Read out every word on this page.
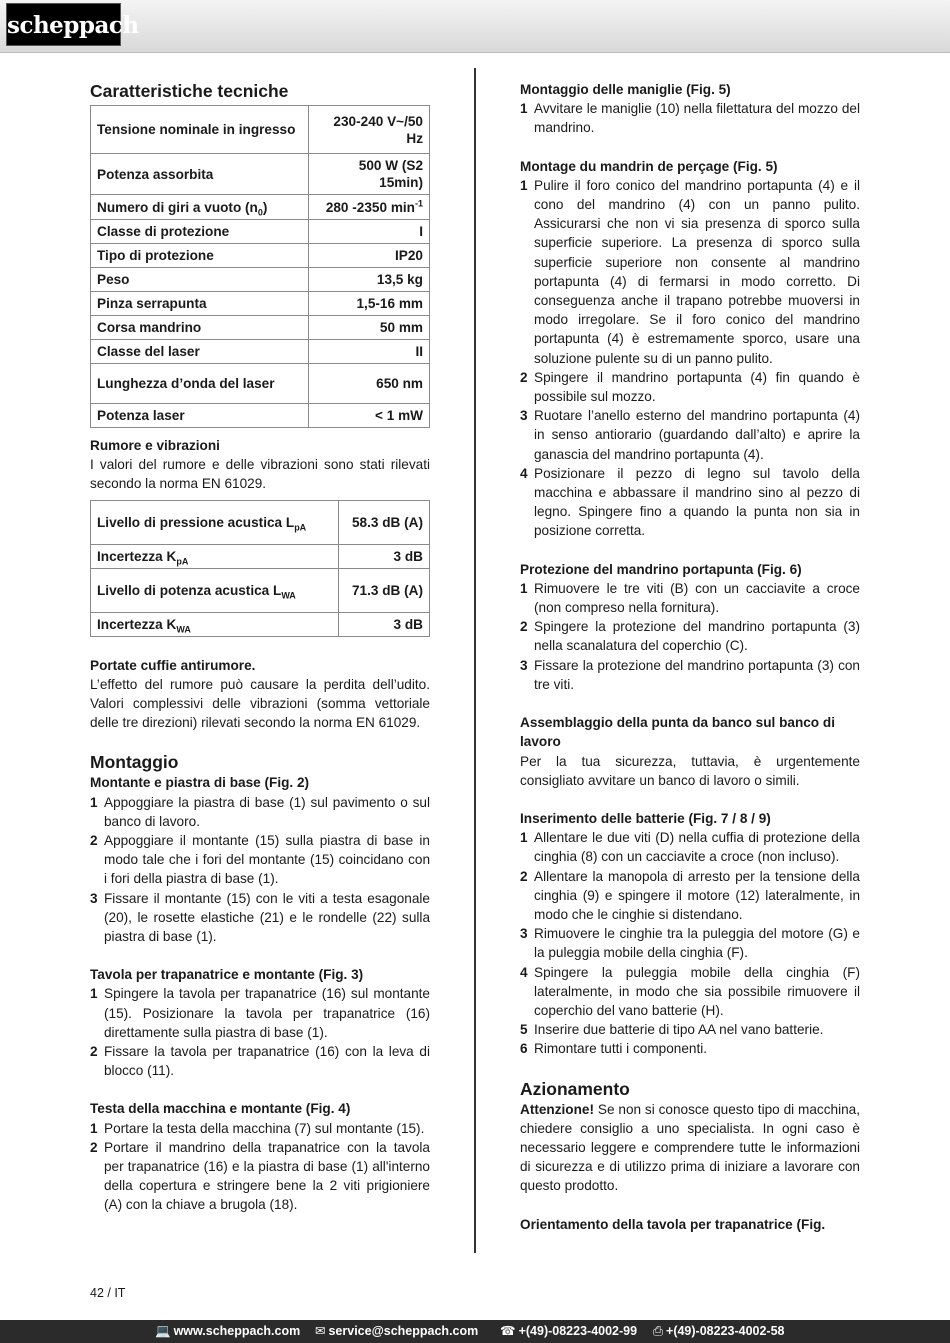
scheppach
Caratteristiche tecniche
Tensione nominale in ingresso	230-240 V~/50 Hz
Potenza assorbita	500 W (S2 15min)
Numero di giri a vuoto $(n_0)$	280 -2350 $\min^{-1}$
Classe di protezione	I
Tipo di protezione	IP20
Peso	13,5 kg
Pinza serrapunta	1,5-16 mm
Corsa mandrino	50 mm
Classe del laser	II
Lunghezza d’onda del laser	650 nm
Potenza laser	< 1 mW
Rumore e vibrazioni

I valori del rumore e delle vibrazioni sono stati rilevati secondo la norma EN 61029.

Livello di pressione acustica $L_{pA}$	58.3 dB (A)
Incertezza $K_{pA}$	3 dB
Livello di potenza acustica $L_{WA}$	71.3 dB (A)
Incertezza $K_{WA}$	3 dB
Portate cuffie antirumore.

L’effetto del rumore può causare la perdita dell’udito. Valori complessivi delle vibrazioni (somma vettoriale delle tre direzioni) rilevati secondo la norma EN 61029.

Montaggio
Montante e piastra di base (Fig. 2)
1 Appoggiare la piastra di base (1) sul pavimento o sul banco di lavoro.
2 Appoggiare il montante (15) sulla piastra di base in modo tale che i fori del montante (15) coincidano con i fori della piastra di base (1).
3 Fissare il montante (15) con le viti a testa esagonale (20), le rosette elastiche (21) e le rondelle (22) sulla piastra di base (1).
Tavola per trapanatrice e montante (Fig. 3)
1 Spingere la tavola per trapanatrice (16) sul montante (15). Posizionare la tavola per trapanatrice (16) direttamente sulla piastra di base (1).
2 Fissare la tavola per trapanatrice (16) con la leva di blocco (11).
Testa della macchina e montante (Fig. 4)
1 Portare la testa della macchina (7) sul montante (15).
2 Portare il mandrino della trapanatrice con la tavola per trapanatrice (16) e la piastra di base (1) all'interno della copertura e stringere bene la 2 viti prigioniere (A) con la chiave a brugola (18).
Montaggio delle maniglie (Fig. 5)
1 Avvitare le maniglie (10) nella filettatura del mozzo del mandrino.
Montage du mandrin de perçage (Fig. 5)
1 Pulire il foro conico del mandrino portapunta (4) e il cono del mandrino (4) con un panno pulito. Assicurarsi che non vi sia presenza di sporco sulla superficie superiore. La presenza di sporco sulla superficie superiore non consente al mandrino portapunta (4) di fermarsi in modo corretto. Di conseguenza anche il trapano potrebbe muoversi in modo irregolare. Se il foro conico del mandrino portapunta (4) è estremamente sporco, usare una soluzione pulente su di un panno pulito.
2 Spingere il mandrino portapunta (4) fin quando è possibile sul mozzo.
3 Ruotare l’anello esterno del mandrino portapunta (4) in senso antiorario (guardando dall’alto) e aprire la ganascia del mandrino portapunta (4).
4 Posizionare il pezzo di legno sul tavolo della macchina e abbassare il mandrino sino al pezzo di legno. Spingere fino a quando la punta non sia in posizione corretta.
Protezione del mandrino portapunta (Fig. 6)
1 Rimuovere le tre viti (B) con un cacciavite a croce (non compreso nella fornitura).
2 Spingere la protezione del mandrino portapunta (3) nella scanalatura del coperchio (C).
3 Fissare la protezione del mandrino portapunta (3) con tre viti.
Assemblaggio della punta da banco sul banco di lavoro

Per la tua sicurezza, tuttavia, è urgentemente consigliato avvitare un banco di lavoro o simili.

Inserimento delle batterie (Fig. 7 / 8 / 9)
1 Allentare le due viti (D) nella cuffia di protezione della cinghia (8) con un cacciavite a croce (non incluso).
2 Allentare la manopola di arresto per la tensione della cinghia (9) e spingere il motore (12) lateralmente, in modo che le cinghie si distendano.
3 Rimuovere le cinghie tra la puleggia del motore (G) e la puleggia mobile della cinghia (F).
4 Spingere la puleggia mobile della cinghia (F) lateralmente, in modo che sia possibile rimuovere il coperchio del vano batterie (H).
5 Inserire due batterie di tipo AA nel vano batterie.
6 Rimontare tutti i componenti.
Azionamento

Attenzione! Se non si conosce questo tipo di macchina, chiedere consiglio a uno specialista. In ogni caso è necessario leggere e comprendere tutte le informazioni di sicurezza e di utilizzo prima di iniziare a lavorare con questo prodotto.

Orientamento della tavola per trapanatrice (Fig.
42 / IT
💻 www.scheppach.com ✉ service@scheppach.com ☎ +(49)-08223-4002-99 ⎙ +(49)-08223-4002-58
